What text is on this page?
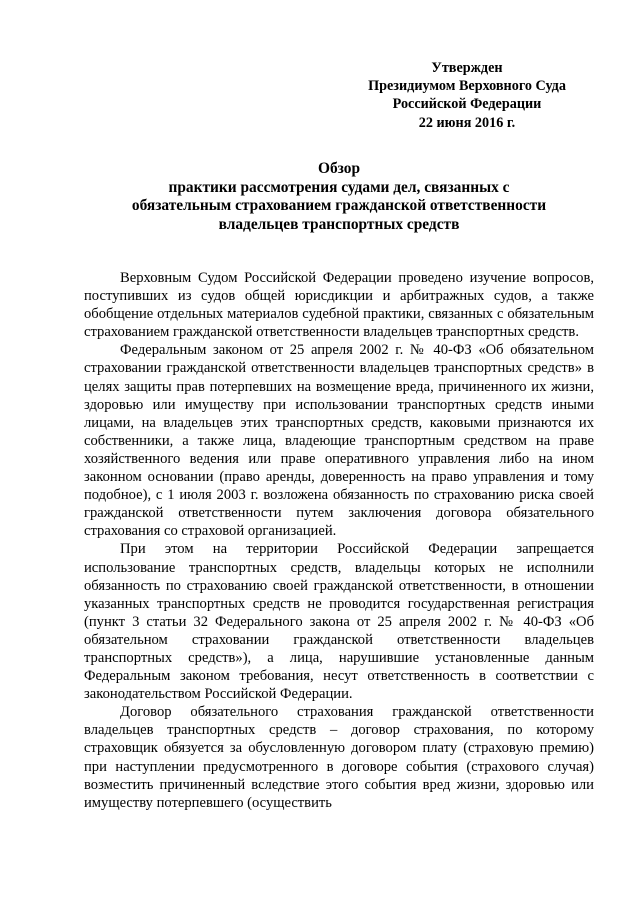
Утвержден
Президиумом Верховного Суда
Российской Федерации
22 июня 2016 г.
Обзор
практики рассмотрения судами дел, связанных с
обязательным страхованием гражданской ответственности
владельцев транспортных средств

Верховным Судом Российской Федерации проведено изучение вопросов, поступивших из судов общей юрисдикции и арбитражных судов, а также обобщение отдельных материалов судебной практики, связанных с обязательным страхованием гражданской ответственности владельцев транспортных средств.

Федеральным законом от 25 апреля 2002 г. № 40-ФЗ «Об обязательном страховании гражданской ответственности владельцев транспортных средств» в целях защиты прав потерпевших на возмещение вреда, причиненного их жизни, здоровью или имуществу при использовании транспортных средств иными лицами, на владельцев этих транспортных средств, каковыми признаются их собственники, а также лица, владеющие транспортным средством на праве хозяйственного ведения или праве оперативного управления либо на ином законном основании (право аренды, доверенность на право управления и тому подобное), с 1 июля 2003 г. возложена обязанность по страхованию риска своей гражданской ответственности путем заключения договора обязательного страхования со страховой организацией.

При этом на территории Российской Федерации запрещается использование транспортных средств, владельцы которых не исполнили обязанность по страхованию своей гражданской ответственности, в отношении указанных транспортных средств не проводится государственная регистрация (пункт 3 статьи 32 Федерального закона от 25 апреля 2002 г. № 40-ФЗ «Об обязательном страховании гражданской ответственности владельцев транспортных средств»), а лица, нарушившие установленные данным Федеральным законом требования, несут ответственность в соответствии с законодательством Российской Федерации.

Договор обязательного страхования гражданской ответственности владельцев транспортных средств – договор страхования, по которому страховщик обязуется за обусловленную договором плату (страховую премию) при наступлении предусмотренного в договоре события (страхового случая) возместить причиненный вследствие этого события вред жизни, здоровью или имуществу потерпевшего (осуществить
